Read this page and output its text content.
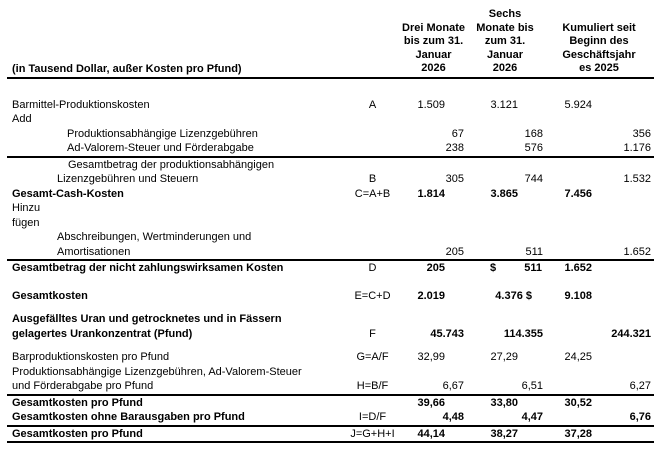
(in Tausend Dollar, außer Kosten pro Pfund)
Drei Monate
bis zum 31.
Januar
2026
Sechs
Monate bis
zum 31.
Januar
2026
Kumuliert seit
Beginn des
Geschäftsjahr
es 2025
Barmittel-Produktionskosten	A	1.509	3.121	5.924
Add
Produktionsabhängige Lizenzgebühren	67	168	356
Ad-Valorem-Steuer und Förderabgabe	238	576	1.176
Gesamtbetrag der produktionsabhängigen
Lizenzgebühren und Steuern	B	305	744	1.532
Gesamt-Cash-Kosten	C=A+B	1.814	3.865	7.456
Hinzu
fügen
Abschreibungen, Wertminderungen und
Amortisationen	205	511	1.652
Gesamtbetrag der nicht zahlungswirksamen Kosten	D	205	$	511	1.652
Gesamtkosten	E=C+D	2.019	4.376 $	9.108
Ausgefälltes Uran und getrocknetes und in Fässern
gelagertes Urankonzentrat (Pfund)	F	45.743	114.355	244.321
Barproduktionskosten pro Pfund	G=A/F	32,99	27,29	24,25
Produktionsabhängige Lizenzgebühren, Ad-Valorem-Steuer
und Förderabgabe pro Pfund	H=B/F	6,67	6,51	6,27
Gesamtkosten pro Pfund	39,66	33,80	30,52
Gesamtkosten ohne Barausgaben pro Pfund	I=D/F	4,48	4,47	6,76
Gesamtkosten pro Pfund	J=G+H+I	44,14	38,27	37,28
